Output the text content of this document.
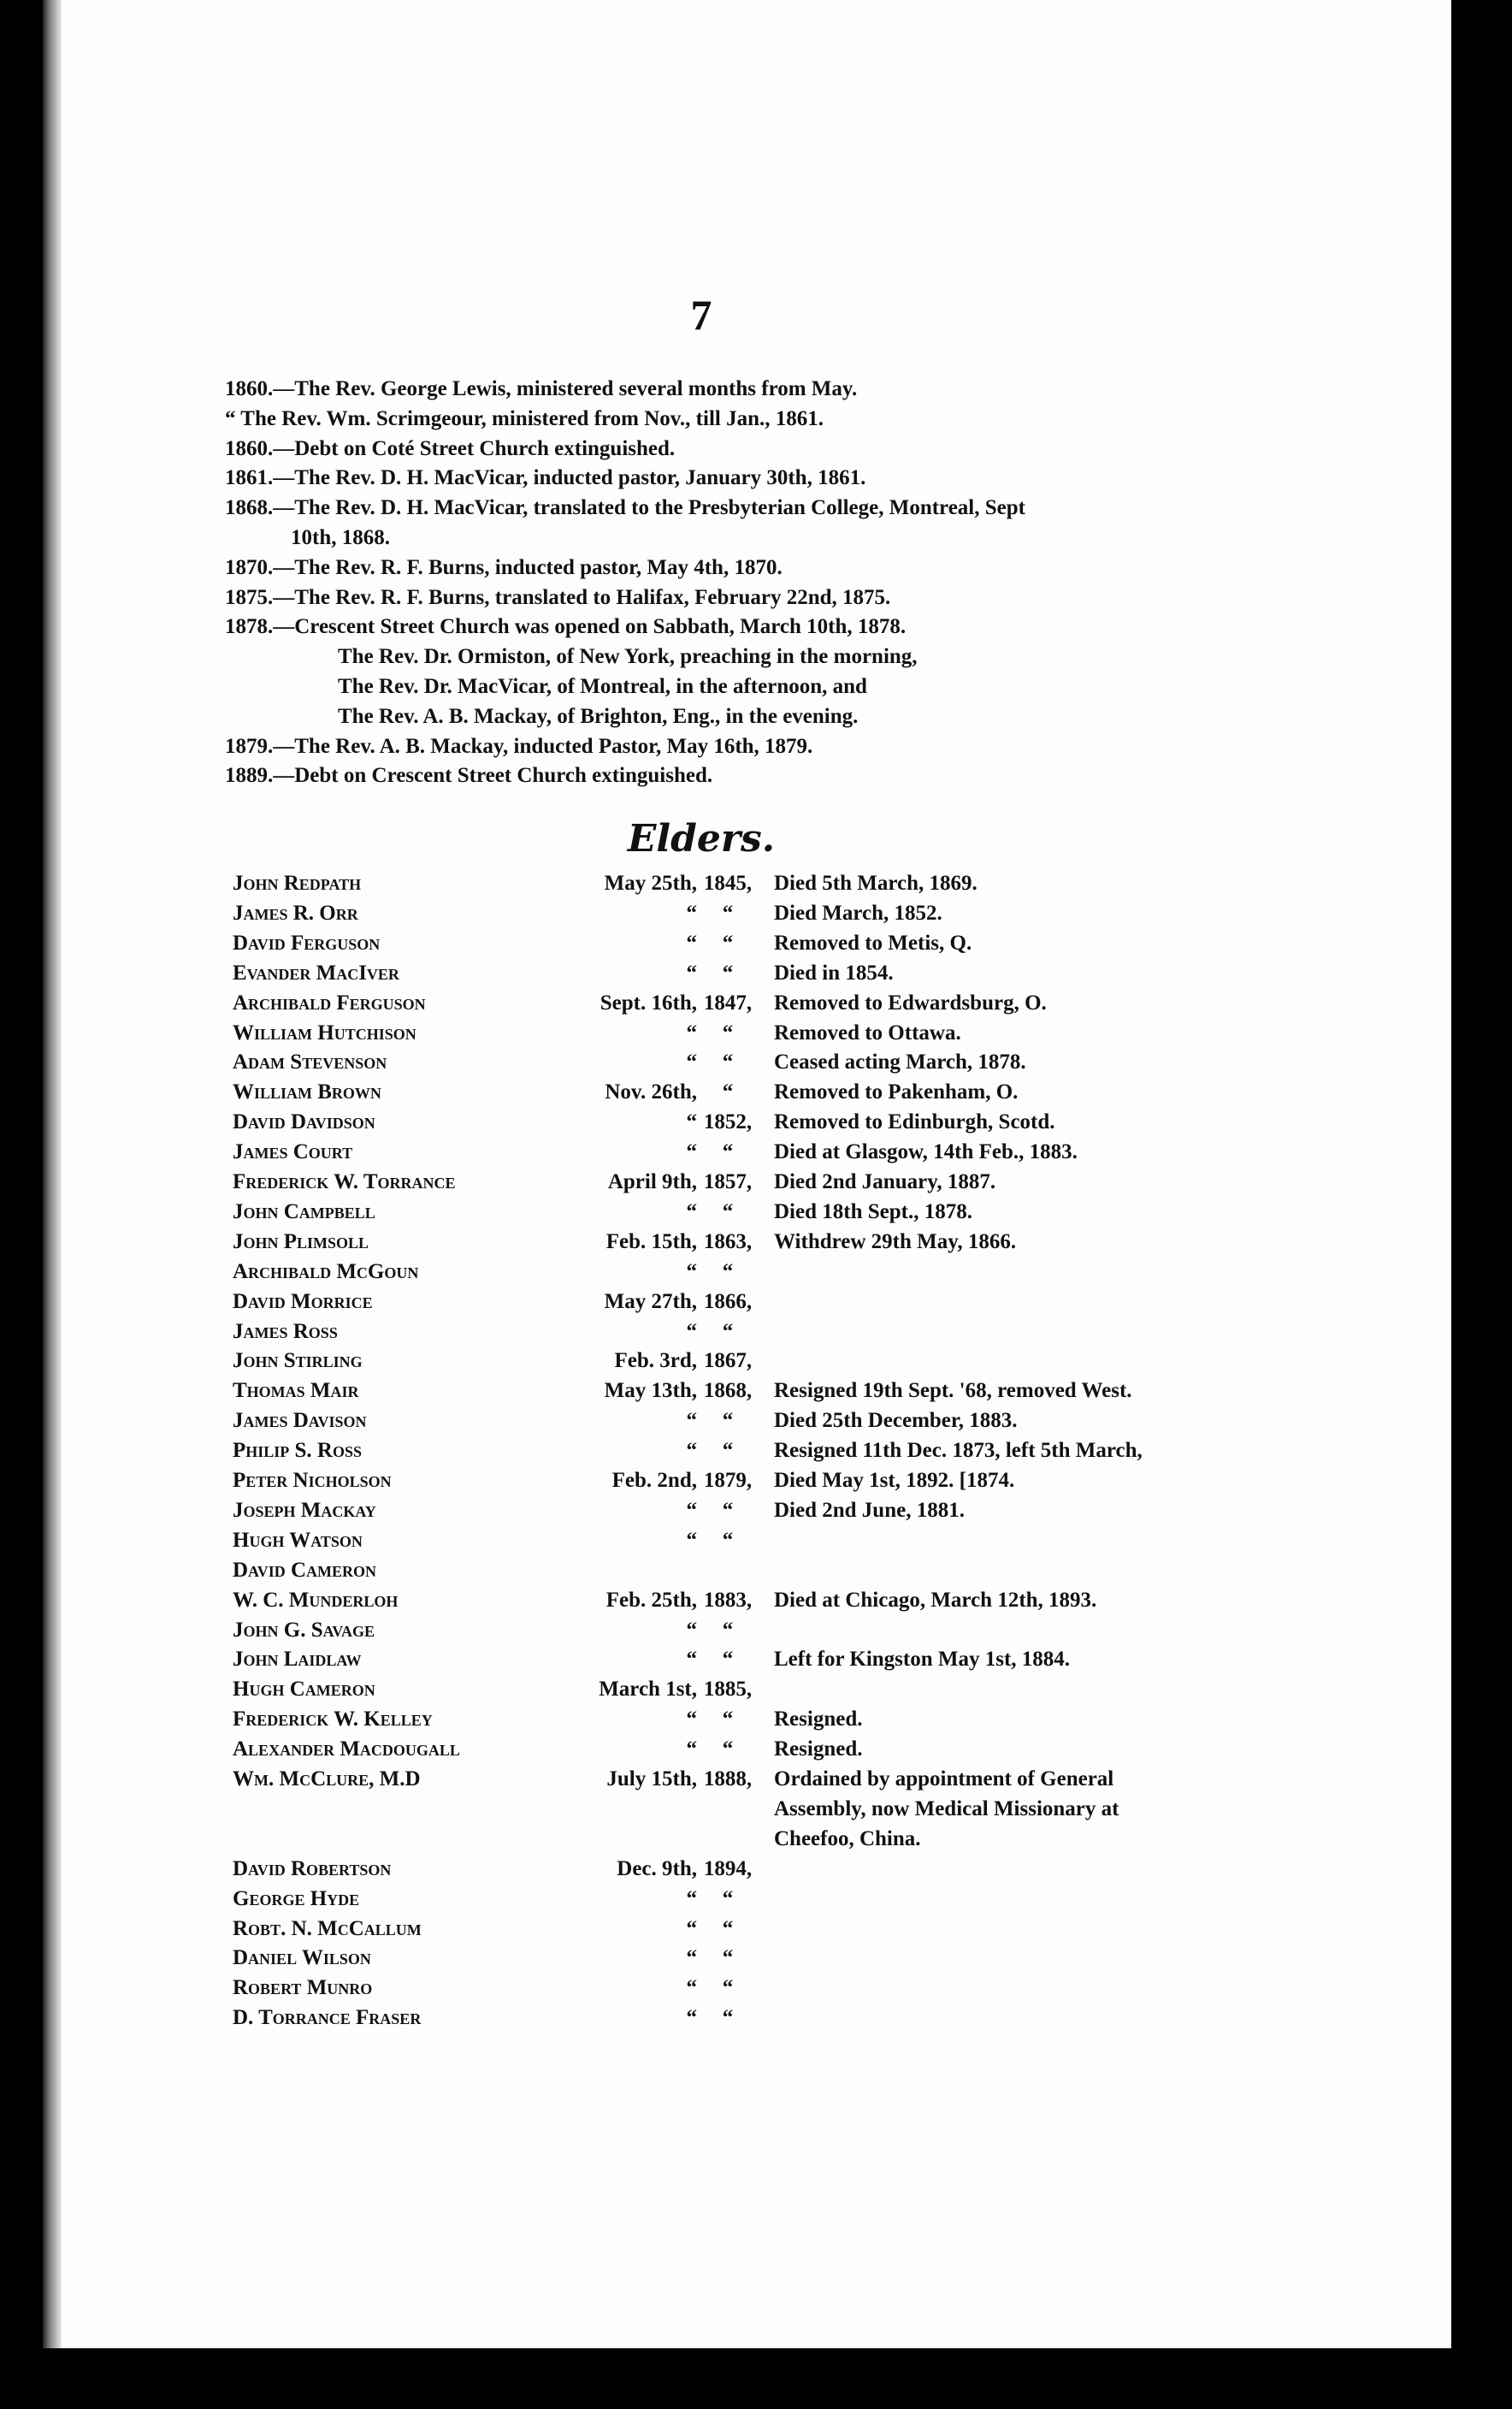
7
1860.—The Rev. George Lewis, ministered several months from May.
“ The Rev. Wm. Scrimgeour, ministered from Nov., till Jan., 1861.
1860.—Debt on Coté Street Church extinguished.
1861.—The Rev. D. H. MacVicar, inducted pastor, January 30th, 1861.
1868.—The Rev. D. H. MacVicar, translated to the Presbyterian College, Montreal, Sept
10th, 1868.
1870.—The Rev. R. F. Burns, inducted pastor, May 4th, 1870.
1875.—The Rev. R. F. Burns, translated to Halifax, February 22nd, 1875.
1878.—Crescent Street Church was opened on Sabbath, March 10th, 1878.
The Rev. Dr. Ormiston, of New York, preaching in the morning,
The Rev. Dr. MacVicar, of Montreal, in the afternoon, and
The Rev. A. B. Mackay, of Brighton, Eng., in the evening.
1879.—The Rev. A. B. Mackay, inducted Pastor, May 16th, 1879.
1889.—Debt on Crescent Street Church extinguished.
Elders.
John Redpath	May 25th, 1845, Died 5th March, 1869.
James R. Orr	“	“	Died March, 1852.
David Ferguson	“	“	Removed to Metis, Q.
Evander MacIver	“	“	Died in 1854.
Archibald Ferguson	Sept. 16th, 1847, Removed to Edwardsburg, O.
William Hutchison	“	“	Removed to Ottawa.
Adam Stevenson	“	“	Ceased acting March, 1878.
William Brown	Nov. 26th,	“	Removed to Pakenham, O.
David Davidson	“ 1852, Removed to Edinburgh, Scotd.
James Court	“	“	Died at Glasgow, 14th Feb., 1883.
Frederick W. Torrance	April 9th, 1857, Died 2nd January, 1887.
John Campbell	“	“	Died 18th Sept., 1878.
John Plimsoll	Feb. 15th, 1863, Withdrew 29th May, 1866.
Archibald McGoun	“	“
David Morrice	May 27th, 1866,
James Ross	“	“
John Stirling	Feb. 3rd, 1867,
Thomas Mair	May 13th, 1868, Resigned 19th Sept. '68, removed West.
James Davison	“	“	Died 25th December, 1883.
Philip S. Ross	“	“	Resigned 11th Dec. 1873, left 5th March,
Peter Nicholson	Feb. 2nd, 1879, Died May 1st, 1892. [1874.
Joseph Mackay	“	“	Died 2nd June, 1881.
Hugh Watson	“	“
David Cameron
W. C. Munderloh	Feb. 25th, 1883, Died at Chicago, March 12th, 1893.
John G. Savage	“	“
John Laidlaw	“	“	Left for Kingston May 1st, 1884.
Hugh Cameron	March 1st, 1885,
Frederick W. Kelley	“	“	Resigned.
Alexander Macdougall	“	“	Resigned.
Wm. McClure, M.D	July 15th, 1888, Ordained by appointment of General
Assembly, now Medical Missionary at
Cheefoo, China.
David Robertson	Dec. 9th, 1894,
George Hyde	“	“
Robt. N. McCallum	“	“
Daniel Wilson	“	“
Robert Munro	“	“
D. Torrance Fraser	“	“
